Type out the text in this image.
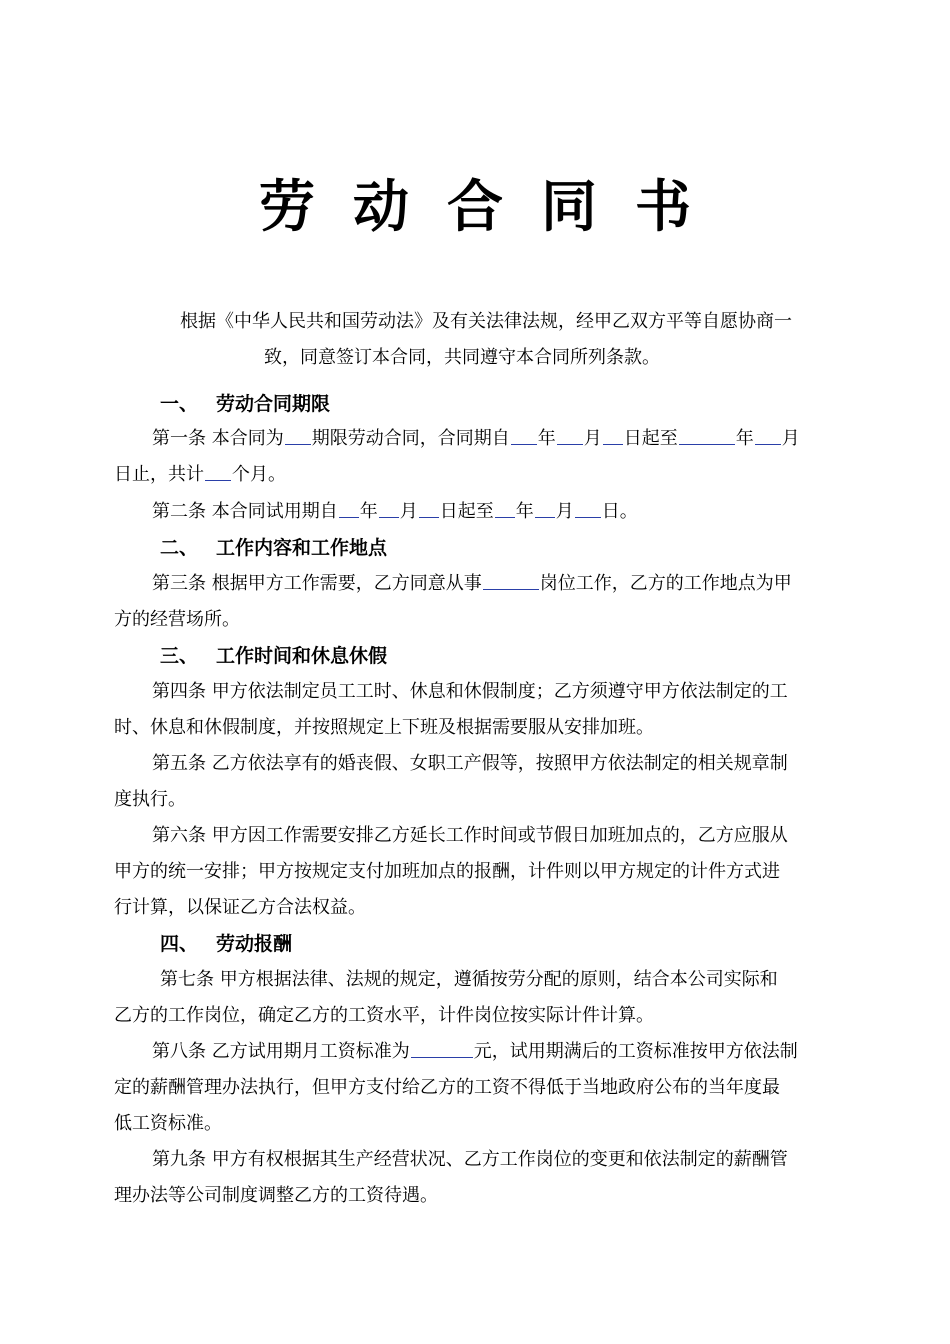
劳动合同书
根据《中华人民共和国劳动法》及有关法律法规，经甲乙双方平等自愿协商一
致，同意签订本合同，共同遵守本合同所列条款。
一、 劳动合同期限
第一条 本合同为 期限劳动合同，合同期自 年 月 日起至	年 月
日止，共计 个月。
第二条 本合同试用期自 年 月 日起至 年 月 日。
二、 工作内容和工作地点
第三条 根据甲方工作需要，乙方同意从事	岗位工作，乙方的工作地点为甲
方的经营场所。
三、 工作时间和休息休假
第四条 甲方依法制定员工工时、休息和休假制度；乙方须遵守甲方依法制定的工
时、休息和休假制度，并按照规定上下班及根据需要服从安排加班。
第五条 乙方依法享有的婚丧假、女职工产假等，按照甲方依法制定的相关规章制
度执行。
第六条 甲方因工作需要安排乙方延长工作时间或节假日加班加点的，乙方应服从
甲方的统一安排；甲方按规定支付加班加点的报酬，计件则以甲方规定的计件方式进
行计算，以保证乙方合法权益。
四、 劳动报酬
第七条 甲方根据法律、法规的规定，遵循按劳分配的原则，结合本公司实际和
乙方的工作岗位，确定乙方的工资水平，计件岗位按实际计件计算。
第八条 乙方试用期月工资标准为	元，试用期满后的工资标准按甲方依法制
定的薪酬管理办法执行，但甲方支付给乙方的工资不得低于当地政府公布的当年度最
低工资标准。
第九条 甲方有权根据其生产经营状况、乙方工作岗位的变更和依法制定的薪酬管
理办法等公司制度调整乙方的工资待遇。
